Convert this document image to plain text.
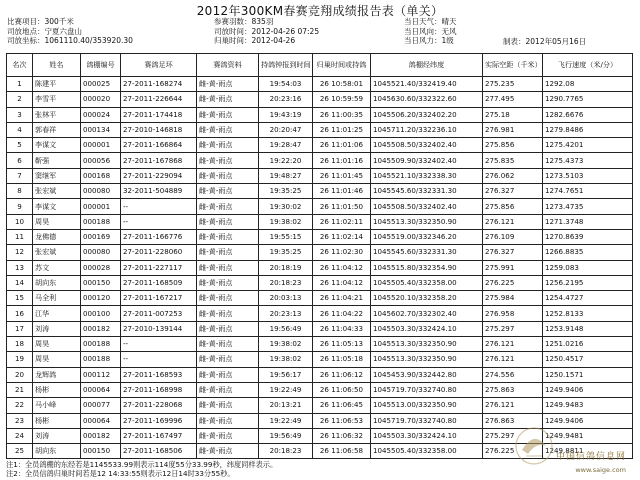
2012年300KM春赛竞翔成绩报告表（单关）
比赛项目：300千米
司放地点：宁夏六盘山
司放坐标：1061110.40/353920.30
参赛羽数：835羽
司放时间：2012-04-26 07:25
归巢时间：2012-04-26
当日天气：晴天
当日风向：无风
当日风力：1级	制表：2012年05月16日
名次	姓名	鸽棚编号	赛鸽足环	赛鸽资料	持鸽钟报到时间	归巢时间或持鸽	鸽棚经纬度	实际空距（千米）	飞行速度（米/分）
1	陈建平	000025	27-2011-168274	雌-黄-雨点	19:54:03	26 10:58:01	1045521.40/332419.40	275.235	1292.08
2	李雪平	000020	27-2011-226644	雌-黄-雨点	20:23:16	26 10:59:59	1045630.60/332322.60	277.495	1290.7765
3	张林平	000024	27-2011-174418	雌-黄-雨点	19:43:19	26 11:00:35	1045506.20/332402.20	275.18	1282.6676
4	郭春祥	000134	27-2010-146818	雌-黄-雨点	20:20:47	26 11:01:25	1045711.20/332236.10	276.981	1279.8486
5	李谋文	000001	27-2011-166864	雌-黄-雨点	19:28:47	26 11:01:06	1045508.50/332402.40	275.856	1275.4201
6	靳强	000056	27-2011-167868	雌-黄-雨点	19:22:20	26 11:01:16	1045509.90/332402.40	275.835	1275.4373
7	窦继军	000168	27-2011-229094	雌-黄-雨点	19:48:27	26 11:01:45	1045521.10/332338.30	276.062	1273.5103
8	张宏斌	000080	32-2011-504889	雌-黄-雨点	19:35:25	26 11:01:46	1045545.60/332331.30	276.327	1274.7651
9	李谋文	000001	--	雌-黄-雨点	19:30:02	26 11:01:50	1045508.50/332402.40	275.856	1273.4735
10	周昊	000188	--	雌-黄-雨点	19:38:02	26 11:02:11	1045513.30/332350.90	276.121	1271.3748
11	龙佛德	000169	27-2011-166776	雌-黄-雨点	19:55:15	26 11:02:14	1045519.00/332346.20	276.109	1270.8639
12	张宏斌	000080	27-2011-228060	雌-黄-雨点	19:35:25	26 11:02:30	1045545.60/332331.30	276.327	1266.8835
13	苏文	000028	27-2011-227117	雌-黄-雨点	20:18:19	26 11:04:12	1045515.80/332354.90	275.991	1259.083
14	胡向东	000150	27-2011-168509	雌-黄-雨点	20:18:23	26 11:04:12	1045505.40/332358.00	276.225	1256.2195
15	马全利	000120	27-2011-167217	雌-黄-雨点	20:03:13	26 11:04:21	1045520.10/332358.20	275.984	1254.4727
16	江华	000100	27-2011-007253	雌-黄-雨点	20:23:13	26 11:04:22	1045602.70/332302.40	276.958	1252.8133
17	刘涛	000182	27-2010-139144	雌-黄-雨点	19:56:49	26 11:04:33	1045503.30/332424.10	275.297	1253.9148
18	周昊	000188	--	雌-黄-雨点	19:38:02	26 11:05:13	1045513.30/332350.90	276.121	1251.0216
19	周昊	000188	--	雌-黄-雨点	19:38:02	26 11:05:18	1045513.30/332350.90	276.121	1250.4517
20	龙辉鸽	000112	27-2011-168593	雌-黄-雨点	19:56:17	26 11:06:12	1045453.90/332442.80	274.556	1250.1571
21	杨彬	000064	27-2011-168998	雌-黄-雨点	19:22:49	26 11:06:50	1045719.70/332740.80	275.863	1249.9406
22	马小峰	000077	27-2011-228068	雌-黄-雨点	20:13:21	26 11:06:45	1045513.00/332350.90	276.121	1249.9483
23	杨彬	000064	27-2011-169996	雌-黄-雨点	19:22:49	26 11:06:53	1045719.70/332740.80	276.863	1249.9406
24	刘涛	000182	27-2011-167497	雌-黄-雨点	19:56:49	26 11:06:32	1045503.30/332424.10	275.297	1249.9481
25	胡向东	000150	27-2011-168506	雌-黄-雨点	20:18:23	26 11:06:58	1045505.40/332358.00	276.225	1249.8811
注1：全员鸽棚的东经若是1145533.99则表示114度55分33.99秒，纬度同样表示。
注2：全员信鸽归巢时间若是12 14:33:55则表示12日14时33分55秒。
中国信鸽信息网
www.saige.com
